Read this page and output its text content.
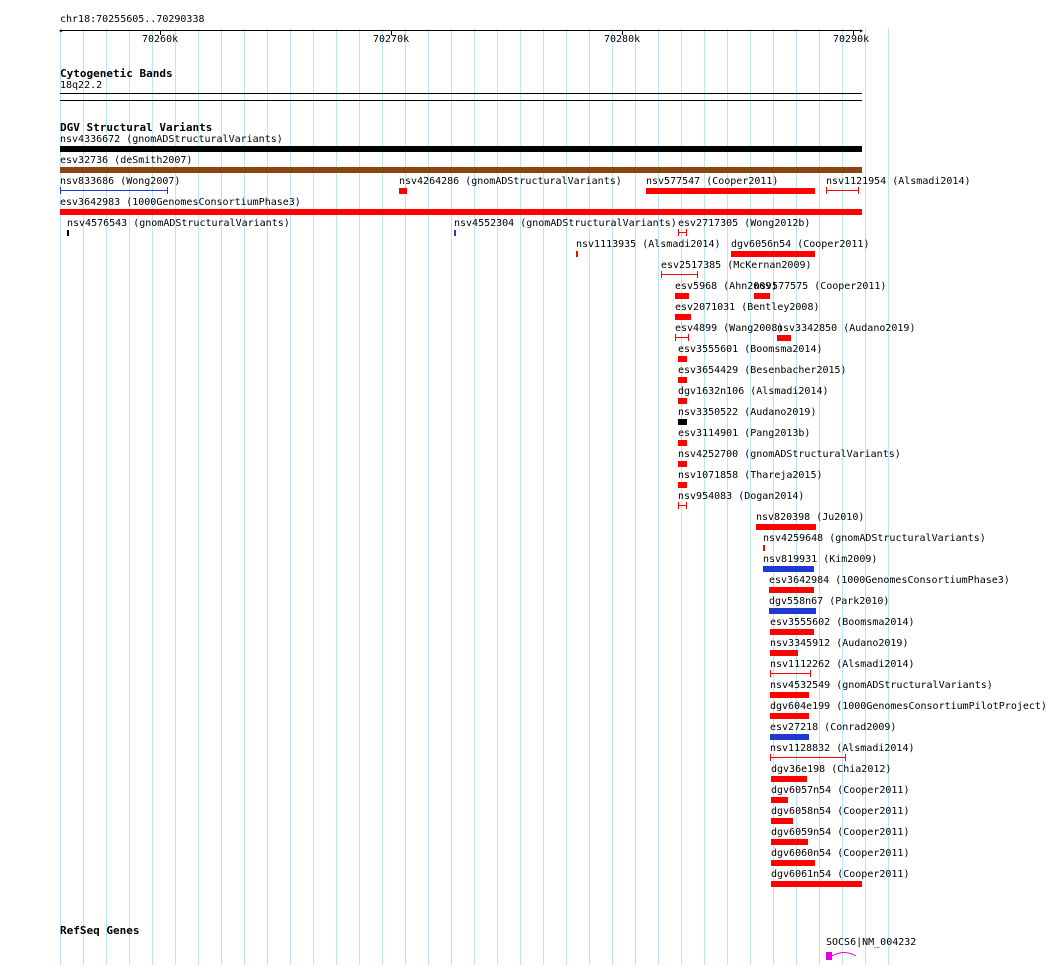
chr18:70255605..70290338
◂	▸
70260k	70270k	70280k	70290k
Cytogenetic Bands
18q22.2
DGV Structural Variants
nsv4336672 (gnomADStructuralVariants)
esv32736 (deSmith2007)
nsv833686 (Wong2007)	nsv4264286 (gnomADStructuralVariants) nsv577547 (Cooper2011)	nsv1121954 (Alsmadi2014)
esv3642983 (1000GenomesConsortiumPhase3)
nsv4576543 (gnomADStructuralVariants)	nsv4552304 (gnomADStructuralVariants) esv2717305 (Wong2012b)
nsv1113935 (Alsmadi2014) dgv6056n54 (Cooper2011)
esv2517385 (McKernan2009)
esv5968 (Ahn2009)
nsv577575 (Cooper2011)
esv2071031 (Bentley2008)
esv4899 (Wang2008)
nsv3342850 (Audano2019)
esv3555601 (Boomsma2014)
esv3654429 (Besenbacher2015)
dgv1632n106 (Alsmadi2014)
nsv3350522 (Audano2019)
esv3114901 (Pang2013b)
nsv4252700 (gnomADStructuralVariants)
nsv1071858 (Thareja2015)
nsv954083 (Dogan2014)
nsv820398 (Ju2010)
nsv4259648 (gnomADStructuralVariants)
nsv819931 (Kim2009)
esv3642984 (1000GenomesConsortiumPhase3)
dgv558n67 (Park2010)
esv3555602 (Boomsma2014)
nsv3345912 (Audano2019)
nsv1112262 (Alsmadi2014)
nsv4532549 (gnomADStructuralVariants)
dgv604e199 (1000GenomesConsortiumPilotProject)
esv27218 (Conrad2009)
nsv1128832 (Alsmadi2014)
dgv36e198 (Chia2012)
dgv6057n54 (Cooper2011)
dgv6058n54 (Cooper2011)
dgv6059n54 (Cooper2011)
dgv6060n54 (Cooper2011)
dgv6061n54 (Cooper2011)
RefSeq Genes
SOCS6|NM_004232
